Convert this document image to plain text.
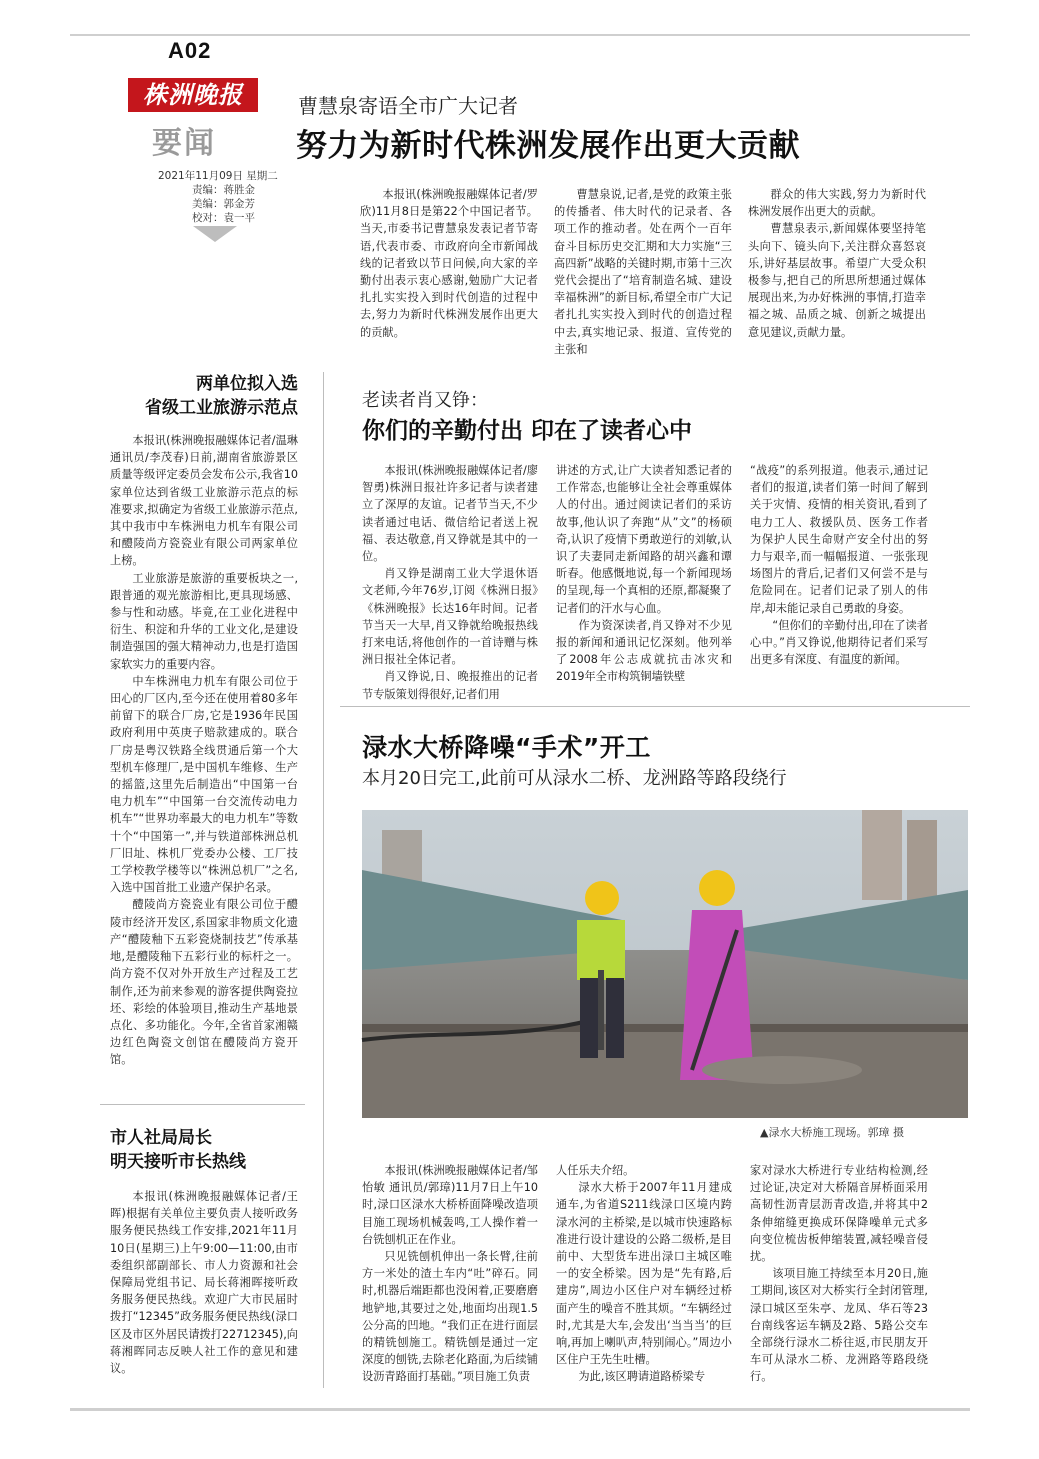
A02
株洲晚报
要闻
2021年11月09日 星期二
责编：蒋胜金
美编：郭金芳
校对：袁一平
曹慧泉寄语全市广大记者
努力为新时代株洲发展作出更大贡献

本报讯(株洲晚报融媒体记者/罗欣)11月8日是第22个中国记者节。当天,市委书记曹慧泉发表记者节寄语,代表市委、市政府向全市新闻战线的记者致以节日问候,向大家的辛勤付出表示衷心感谢,勉励广大记者扎扎实实投入到时代创造的过程中去,努力为新时代株洲发展作出更大的贡献。

曹慧泉说,记者,是党的政策主张的传播者、伟大时代的记录者、各项工作的推动者。处在两个一百年奋斗目标历史交汇期和大力实施“三高四新”战略的关键时期,市第十三次党代会提出了“培育制造名城、建设幸福株洲”的新目标,希望全市广大记者扎扎实实投入到时代的创造过程中去,真实地记录、报道、宣传党的主张和

群众的伟大实践,努力为新时代株洲发展作出更大的贡献。

曹慧泉表示,新闻媒体要坚持笔头向下、镜头向下,关注群众喜怒哀乐,讲好基层故事。希望广大受众积极参与,把自己的所思所想通过媒体展现出来,为办好株洲的事情,打造幸福之城、品质之城、创新之城提出意见建议,贡献力量。

老读者肖又铮：
你们的辛勤付出 印在了读者心中

本报讯(株洲晚报融媒体记者/廖智勇)株洲日报社许多记者与读者建立了深厚的友谊。记者节当天,不少读者通过电话、微信给记者送上祝福、表达敬意,肖又铮就是其中的一位。

肖又铮是湖南工业大学退休语文老师,今年76岁,订阅《株洲日报》《株洲晚报》长达16年时间。记者节当天一大早,肖又铮就给晚报热线打来电话,将他创作的一首诗赠与株洲日报社全体记者。

肖又铮说,日、晚报推出的记者节专版策划得很好,记者们用

讲述的方式,让广大读者知悉记者的工作常态,也能够让全社会尊重媒体人的付出。通过阅读记者们的采访故事,他认识了奔跑“从”文”的杨硕奇,认识了疫情下勇敢逆行的刘敏,认识了夫妻同走新闻路的胡兴鑫和谭昕春。他感慨地说,每一个新闻现场的呈现,每一个真相的还原,都凝聚了记者们的汗水与心血。

作为资深读者,肖又铮对不少见报的新闻和通讯记忆深刻。他列举了2008年公志成就抗击冰灾和2019年全市构筑铜墙铁壁

“战疫”的系列报道。他表示,通过记者们的报道,读者们第一时间了解到关于灾情、疫情的相关资讯,看到了电力工人、救援队员、医务工作者为保护人民生命财产安全付出的努力与艰辛,而一幅幅报道、一张张现场图片的背后,记者们又何尝不是与危险同在。记者们记录了别人的伟岸,却未能记录自己勇敢的身姿。

“但你们的辛勤付出,印在了读者心中。”肖又铮说,他期待记者们采写出更多有深度、有温度的新闻。

两单位拟入选
省级工业旅游示范点

本报讯(株洲晚报融媒体记者/温琳 通讯员/李茂春)日前,湖南省旅游景区质量等级评定委员会发布公示,我省10家单位达到省级工业旅游示范点的标准要求,拟确定为省级工业旅游示范点,其中我市中车株洲电力机车有限公司和醴陵尚方瓷瓷业有限公司两家单位上榜。

工业旅游是旅游的重要板块之一,跟普通的观光旅游相比,更具现场感、参与性和动感。毕竟,在工业化进程中衍生、积淀和升华的工业文化,是建设制造强国的强大精神动力,也是打造国家软实力的重要内容。

中车株洲电力机车有限公司位于田心的厂区内,至今还在使用着80多年前留下的联合厂房,它是1936年民国政府利用中英庚子赔款建成的。联合厂房是粤汉铁路全线贯通后第一个大型机车修理厂,是中国机车维修、生产的摇篮,这里先后制造出“中国第一台电力机车”“中国第一台交流传动电力机车”“世界功率最大的电力机车”等数十个“中国第一”,并与铁道部株洲总机厂旧址、株机厂党委办公楼、工厂技工学校教学楼等以“株洲总机厂”之名,入选中国首批工业遗产保护名录。

醴陵尚方瓷瓷业有限公司位于醴陵市经济开发区,系国家非物质文化遗产“醴陵釉下五彩瓷烧制技艺”传承基地,是醴陵釉下五彩行业的标杆之一。尚方瓷不仅对外开放生产过程及工艺制作,还为前来参观的游客提供陶瓷拉坯、彩绘的体验项目,推动生产基地景点化、多功能化。今年,全省首家湘赣边红色陶瓷文创馆在醴陵尚方瓷开馆。

市人社局局长
明天接听市长热线

本报讯(株洲晚报融媒体记者/王晖)根据有关单位主要负责人接听政务服务便民热线工作安排,2021年11月10日(星期三)上午9:00—11:00,由市委组织部副部长、市人力资源和社会保障局党组书记、局长蒋湘晖接听政务服务便民热线。欢迎广大市民届时拨打“12345”政务服务便民热线(渌口区及市区外居民请拨打22712345),向蒋湘晖同志反映人社工作的意见和建议。

渌水大桥降噪“手术”开工
本月20日完工,此前可从渌水二桥、龙洲路等路段绕行
▲渌水大桥施工现场。郭璋 摄

本报讯(株洲晚报融媒体记者/邹怡敏 通讯员/郭璋)11月7日上午10时,渌口区渌水大桥桥面降噪改造项目施工现场机械轰鸣,工人操作着一台铣刨机正在作业。

只见铣刨机伸出一条长臂,往前方一米处的渣土车内“吐”碎石。同时,机器后端距都也没闲着,正要磨磨地铲地,其要过之处,地面均出现1.5公分高的凹地。“我们正在进行面层的精铣刨施工。精铣刨是通过一定深度的刨铣,去除老化路面,为后续铺设沥青路面打基础。”项目施工负责

人任乐夫介绍。

渌水大桥于2007年11月建成通车,为省道S211线渌口区境内跨渌水河的主桥梁,是以城市快速路标准进行设计建设的公路二级桥,是目前中、大型货车进出渌口主城区唯一的安全桥梁。因为是“先有路,后建房”,周边小区住户对车辆经过桥面产生的噪音不胜其烦。“车辆经过时,尤其是大车,会发出‘当当当’的巨响,再加上喇叭声,特别闹心。”周边小区住户王先生吐槽。

为此,该区聘请道路桥梁专

家对渌水大桥进行专业结构检测,经过论证,决定对大桥隔音屏桥面采用高韧性沥青层沥青改造,并将其中2条伸缩缝更换成环保降噪单元式多向变位梳齿板伸缩装置,减轻噪音侵扰。

该项目施工持续至本月20日,施工期间,该区对大桥实行全封闭管理,渌口城区至朱亭、龙凤、华石等23台南线客运车辆及2路、5路公交车全部绕行渌水二桥往返,市民朋友开车可从渌水二桥、龙洲路等路段绕行。
